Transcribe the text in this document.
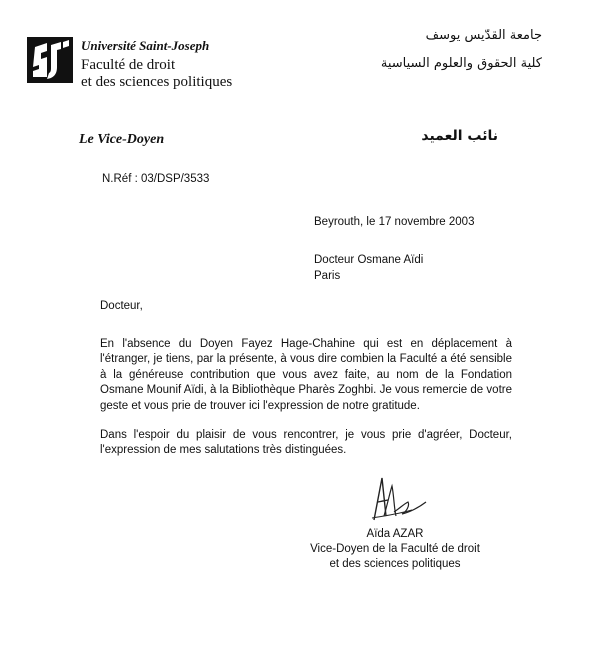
Université Saint-Joseph
Faculté de droit
et des sciences politiques
جامعة القدّيس يوسف
كلية الحقوق والعلوم السياسية
Le Vice-Doyen	نائب العميد
N.Réf : 03/DSP/3533
Beyrouth, le 17 novembre 2003
Docteur Osmane Aïdi
Paris
Docteur,
En l'absence du Doyen Fayez Hage-Chahine qui est en déplacement à l'étranger, je tiens, par la présente, à vous dire combien la Faculté a été sensible à la généreuse contribution que vous avez faite, au nom de la Fondation Osmane Mounif Aïdi, à la Bibliothèque Pharès Zoghbi. Je vous remercie de votre geste et vous prie de trouver ici l'expression de notre gratitude.
Dans l'espoir du plaisir de vous rencontrer, je vous prie d'agréer, Docteur, l'expression de mes salutations très distinguées.
Aïda AZAR
Vice-Doyen de la Faculté de droit
et des sciences politiques
